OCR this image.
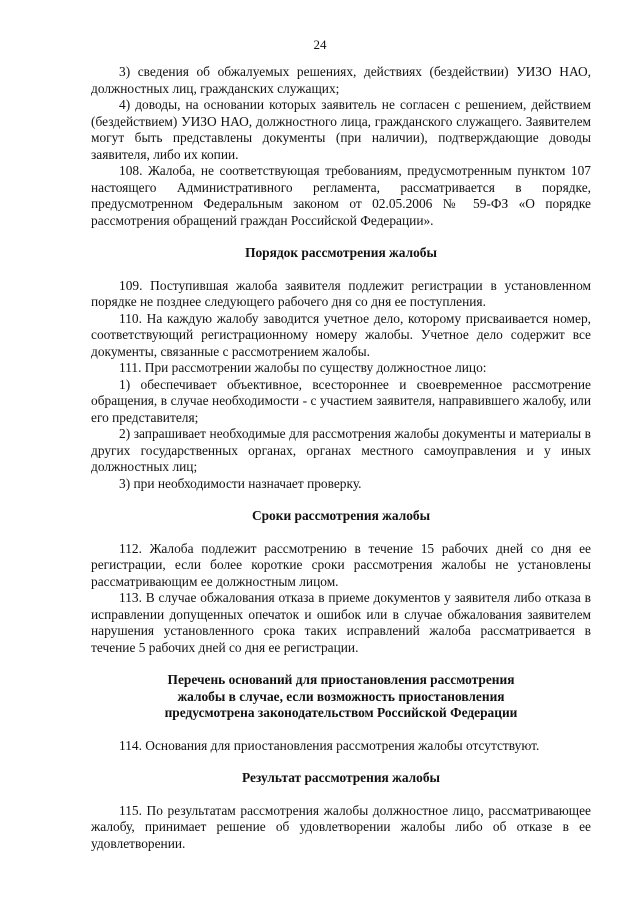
24

3) сведения об обжалуемых решениях, действиях (бездействии) УИЗО НАО, должностных лиц, гражданских служащих;

4) доводы, на основании которых заявитель не согласен с решением, действием (бездействием) УИЗО НАО, должностного лица, гражданского служащего. Заявителем могут быть представлены документы (при наличии), подтверждающие доводы заявителя, либо их копии.

108. Жалоба, не соответствующая требованиям, предусмотренным пунктом 107 настоящего Административного регламента, рассматривается в порядке, предусмотренном Федеральным законом от 02.05.2006 № 59-ФЗ «О порядке рассмотрения обращений граждан Российской Федерации».

Порядок рассмотрения жалобы

109. Поступившая жалоба заявителя подлежит регистрации в установленном порядке не позднее следующего рабочего дня со дня ее поступления.

110. На каждую жалобу заводится учетное дело, которому присваивается номер, соответствующий регистрационному номеру жалобы. Учетное дело содержит все документы, связанные с рассмотрением жалобы.

111. При рассмотрении жалобы по существу должностное лицо:

1) обеспечивает объективное, всестороннее и своевременное рассмотрение обращения, в случае необходимости - с участием заявителя, направившего жалобу, или его представителя;

2) запрашивает необходимые для рассмотрения жалобы документы и материалы в других государственных органах, органах местного самоуправления и у иных должностных лиц;

3) при необходимости назначает проверку.

Сроки рассмотрения жалобы

112. Жалоба подлежит рассмотрению в течение 15 рабочих дней со дня ее регистрации, если более короткие сроки рассмотрения жалобы не установлены рассматривающим ее должностным лицом.

113. В случае обжалования отказа в приеме документов у заявителя либо отказа в исправлении допущенных опечаток и ошибок или в случае обжалования заявителем нарушения установленного срока таких исправлений жалоба рассматривается в течение 5 рабочих дней со дня ее регистрации.

Перечень оснований для приостановления рассмотрения
жалобы в случае, если возможность приостановления
предусмотрена законодательством Российской Федерации

114. Основания для приостановления рассмотрения жалобы отсутствуют.

Результат рассмотрения жалобы

115. По результатам рассмотрения жалобы должностное лицо, рассматривающее жалобу, принимает решение об удовлетворении жалобы либо об отказе в ее удовлетворении.
